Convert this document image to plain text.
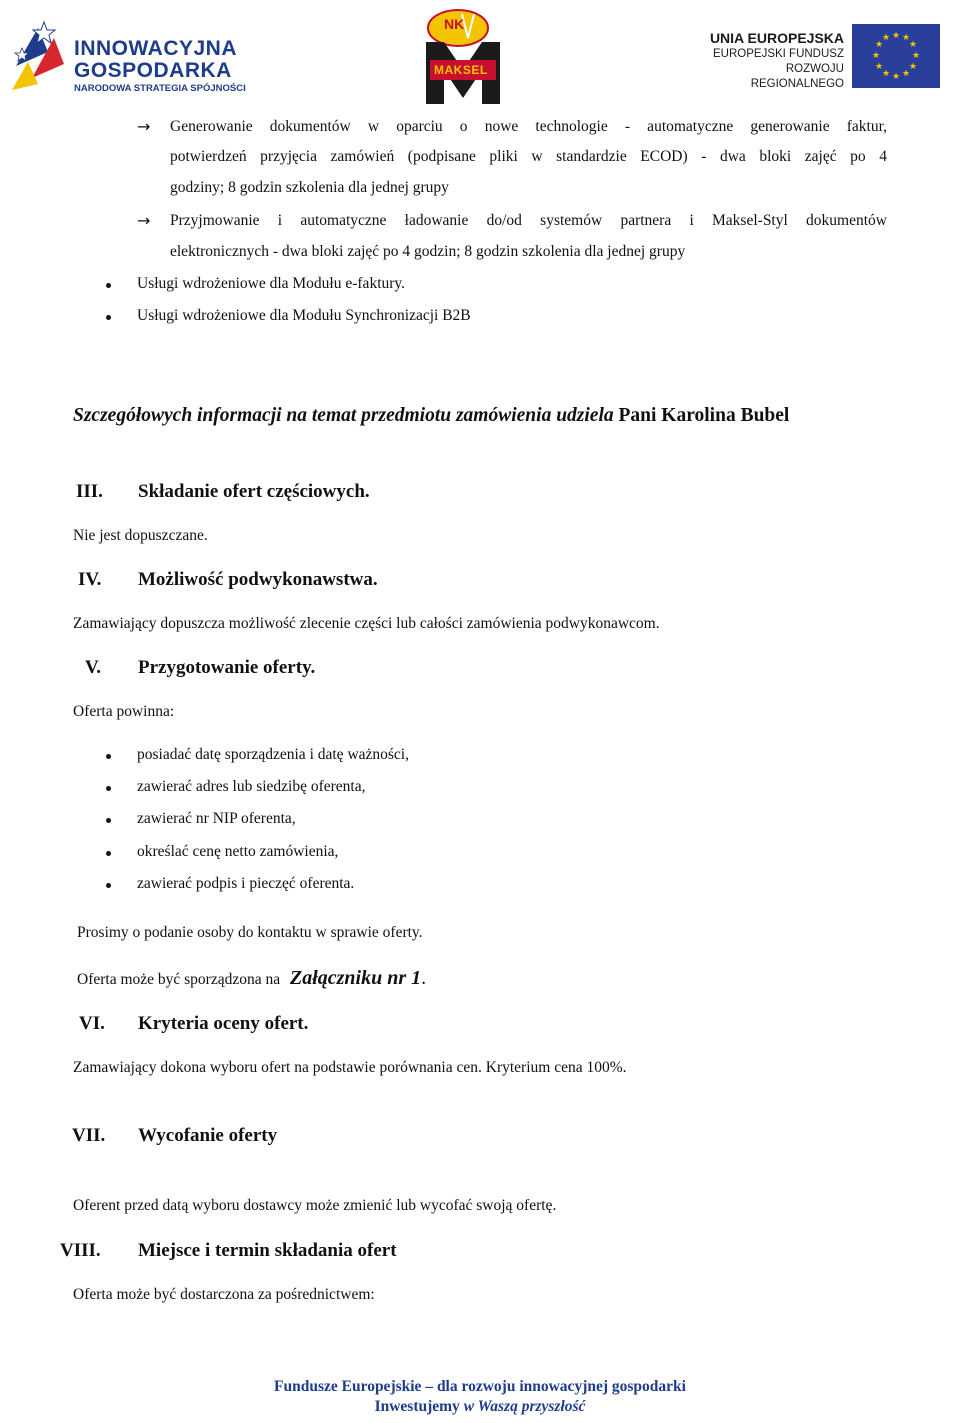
INNOWACYJNA
GOSPODARKA
NARODOWA STRATEGIA SPÓJNOŚCI
NK
MAKSEL
UNIA EUROPEJSKA
EUROPEJSKI FUNDUSZ
ROZWOJU REGIONALNEGO
★ ★
★
★
★
★
★
★
★
★
★
★
→ Generowanie dokumentów w oparciu o nowe technologie - automatyczne generowanie faktur,
potwierdzeń przyjęcia zamówień (podpisane pliki w standardzie ECOD) - dwa bloki zajęć po 4
godziny; 8 godzin szkolenia dla jednej grupy
→ Przyjmowanie i automatyczne ładowanie do/od systemów partnera i Maksel-Styl dokumentów
elektronicznych - dwa bloki zajęć po 4 godzin; 8 godzin szkolenia dla jednej grupy
Usługi wdrożeniowe dla Modułu e-faktury.
Usługi wdrożeniowe dla Modułu Synchronizacji B2B
Szczegółowych informacji na temat przedmiotu zamówienia udziela Pani Karolina Bubel
III. Składanie ofert częściowych.
Nie jest dopuszczane.
IV. Możliwość podwykonawstwa.
Zamawiający dopuszcza możliwość zlecenie części lub całości zamówienia podwykonawcom.
V. Przygotowanie oferty.
Oferta powinna:
posiadać datę sporządzenia i datę ważności,
zawierać adres lub siedzibę oferenta,
zawierać nr NIP oferenta,
określać cenę netto zamówienia,
zawierać podpis i pieczęć oferenta.
Prosimy o podanie osoby do kontaktu w sprawie oferty.
Oferta może być sporządzona na Załączniku nr 1.
VI. Kryteria oceny ofert.
Zamawiający dokona wyboru ofert na podstawie porównania cen. Kryterium cena 100%.
VII. Wycofanie oferty
Oferent przed datą wyboru dostawcy może zmienić lub wycofać swoją ofertę.
VIII. Miejsce i termin składania ofert
Oferta może być dostarczona za pośrednictwem:
Fundusze Europejskie – dla rozwoju innowacyjnej gospodarki
Inwestujemy w Waszą przyszłość
